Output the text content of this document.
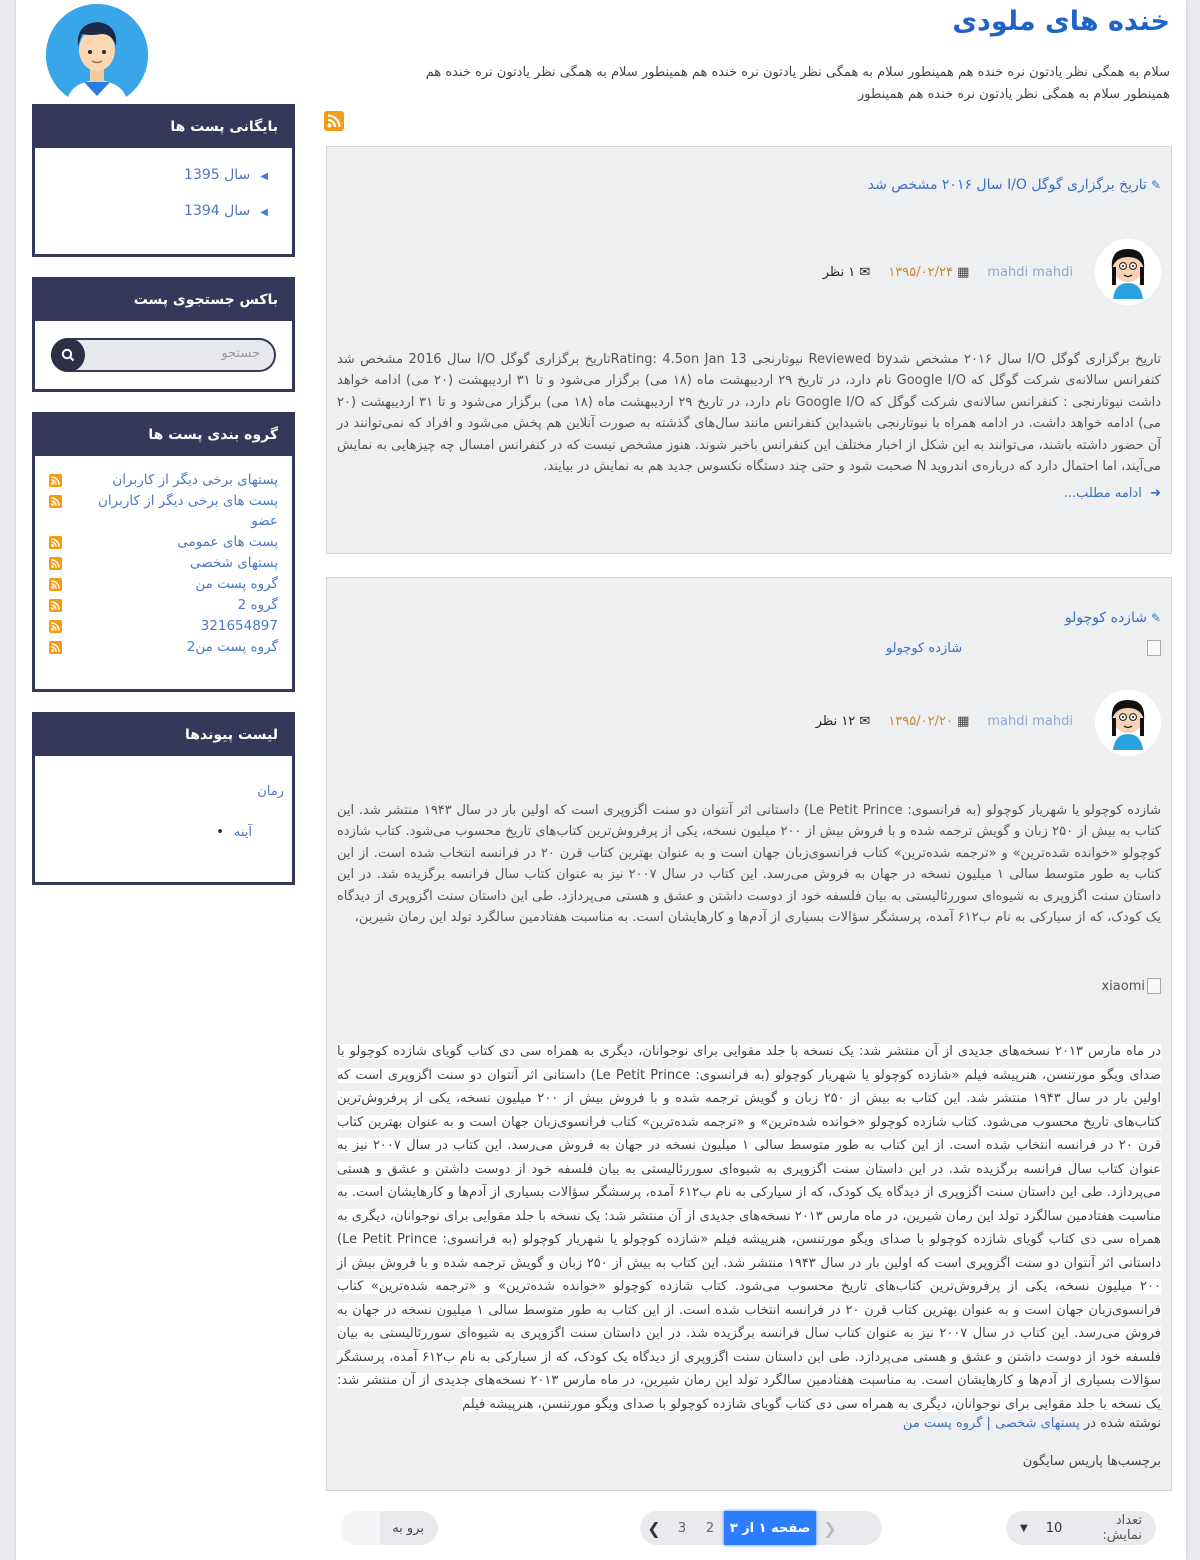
خنده های ملودی
سلام به همگی نظر یادتون نره خنده هم همینطور سلام به همگی نظر یادتون نره خنده هم همینطور سلام به همگی نظر یادتون نره خنده هم همینطور سلام به همگی نظر یادتون نره خنده هم همینطور
بایگانی پست ها
◀سال 1395
◀سال 1394
باکس جستجوی پست
جستجو
گروه بندی پست ها
پستهای برخی دیگر از کاربران
پست های برخی دیگر از کاربران عضو
پست های عمومی
پستهای شخصی
گروه پست من
گروه 2
321654897
گروه پست من2
لیست پیوندها
رمان
آینه •
✎تاریخ برگزاری گوگل I/O سال ۲۰۱۶ مشخص شد
mahdi mahdi
▦ ۱۳۹۵/۰۲/۲۴
✉ ۱ نظر
تاریخ برگزاری گوگل I/O سال ۲۰۱۶ مشخص شدReviewed by نیوتارنجی Rating: 4.5on Jan 13تاریخ برگزاری گوگل I/O سال 2016 مشخص شد کنفرانس سالانه‌ی شرکت گوگل که Google I/O نام دارد، در تاریخ ۲۹ اردیبهشت ماه (۱۸ می) برگزار می‌شود و تا ۳۱ اردیبهشت (۲۰ می) ادامه خواهد داشت نیوتارنجی : کنفرانس سالانه‌ی شرکت گوگل که Google I/O نام دارد، در تاریخ ۲۹ اردیبهشت ماه (۱۸ می) برگزار می‌شود و تا ۳۱ اردیبهشت (۲۰ می) ادامه خواهد داشت. در ادامه همراه با نیوتارنجی باشیداین کنفرانس مانند سال‌های گذشته به صورت آنلاین هم پخش می‌شود و افراد که نمی‌توانند در آن حضور داشته باشند، می‌توانند به این شکل از اخبار مختلف این کنفرانس باخبر شوند. هنوز مشخص نیست که در کنفرانس امسال چه چیزهایی به نمایش می‌آیند، اما احتمال دارد که درباره‌ی اندروید N صحبت شود و حتی چند دستگاه نکسوس جدید هم به نمایش در بیایند.
➜  ادامه مطلب...
✎شازده کوچولو
شازده کوچولو
mahdi mahdi
▦ ۱۳۹۵/۰۲/۲۰
✉ ۱۲ نظر
شازده کوچولو یا شهریار کوچولو (به فرانسوی: Le Petit Prince) داستانی اثر آنتوان دو سنت اگزوپری است که اولین بار در سال ۱۹۴۳ منتشر شد. این کتاب به بیش از ۲۵۰ زبان و گویش ترجمه شده و با فروش بیش از ۲۰۰ میلیون نسخه، یکی از پرفروش‌ترین کتاب‌های تاریخ محسوب می‌شود. کتاب شازده کوچولو «خوانده شده‌ترین» و «ترجمه شده‌ترین» کتاب فرانسوی‌زبان جهان است و به عنوان بهترین کتاب قرن ۲۰ در فرانسه انتخاب شده است. از این کتاب به طور متوسط سالی ۱ میلیون نسخه در جهان به فروش می‌رسد. این کتاب در سال ۲۰۰۷ نیز به عنوان کتاب سال فرانسه برگزیده شد. در این داستان سنت اگزوپری به شیوه‌ای سوررئالیستی به بیان فلسفه خود از دوست داشتن و عشق و هستی می‌پردازد. طی این داستان سنت اگزوپری از دیدگاه یک کودک، که از سیارکی به نام ب۶۱۲ آمده، پرسشگر سؤالات بسیاری از آدم‌ها و کارهایشان است. به مناسبت هفتادمین سالگرد تولد این رمان شیرین،
xiaomi
در ماه مارس ۲۰۱۳ نسخه‌های جدیدی از آن منتشر شد: یک نسخه با جلد مقوایی برای نوجوانان، دیگری به همراه سی دی کتاب گویای شازده کوچولو با صدای ویگو مورتنسن، هنرپیشه فیلم «شازده کوچولو یا شهریار کوچولو (به فرانسوی: Le Petit Prince) داستانی اثر آنتوان دو سنت اگزوپری است که اولین بار در سال ۱۹۴۳ منتشر شد. این کتاب به بیش از ۲۵۰ زبان و گویش ترجمه شده و با فروش بیش از ۲۰۰ میلیون نسخه، یکی از پرفروش‌ترین کتاب‌های تاریخ محسوب می‌شود. کتاب شازده کوچولو «خوانده شده‌ترین» و «ترجمه شده‌ترین» کتاب فرانسوی‌زبان جهان است و به عنوان بهترین کتاب قرن ۲۰ در فرانسه انتخاب شده است. از این کتاب به طور متوسط سالی ۱ میلیون نسخه در جهان به فروش می‌رسد. این کتاب در سال ۲۰۰۷ نیز به عنوان کتاب سال فرانسه برگزیده شد. در این داستان سنت اگزوپری به شیوه‌ای سوررئالیستی به بیان فلسفه خود از دوست داشتن و عشق و هستی می‌پردازد. طی این داستان سنت اگزوپری از دیدگاه یک کودک، که از سیارکی به نام ب۶۱۲ آمده، پرسشگر سؤالات بسیاری از آدم‌ها و کارهایشان است. به مناسبت هفتادمین سالگرد تولد این رمان شیرین، در ماه مارس ۲۰۱۳ نسخه‌های جدیدی از آن منتشر شد: یک نسخه با جلد مقوایی برای نوجوانان، دیگری به همراه سی دی کتاب گویای شازده کوچولو با صدای ویگو مورتنسن، هنرپیشه فیلم «شازده کوچولو یا شهریار کوچولو (به فرانسوی: Le Petit Prince) داستانی اثر آنتوان دو سنت اگزوپری است که اولین بار در سال ۱۹۴۳ منتشر شد. این کتاب به بیش از ۲۵۰ زبان و گویش ترجمه شده و با فروش بیش از ۲۰۰ میلیون نسخه، یکی از پرفروش‌ترین کتاب‌های تاریخ محسوب می‌شود. کتاب شازده کوچولو «خوانده شده‌ترین» و «ترجمه شده‌ترین» کتاب فرانسوی‌زبان جهان است و به عنوان بهترین کتاب قرن ۲۰ در فرانسه انتخاب شده است. از این کتاب به طور متوسط سالی ۱ میلیون نسخه در جهان به فروش می‌رسد. این کتاب در سال ۲۰۰۷ نیز به عنوان کتاب سال فرانسه برگزیده شد. در این داستان سنت اگزوپری به شیوه‌ای سوررئالیستی به بیان فلسفه خود از دوست داشتن و عشق و هستی می‌پردازد. طی این داستان سنت اگزوپری از دیدگاه یک کودک، که از سیارکی به نام ب۶۱۲ آمده، پرسشگر سؤالات بسیاری از آدم‌ها و کارهایشان است. به مناسبت هفتادمین سالگرد تولد این رمان شیرین، در ماه مارس ۲۰۱۳ نسخه‌های جدیدی از آن منتشر شد: یک نسخه با جلد مقوایی برای نوجوانان، دیگری به همراه سی دی کتاب گویای شازده کوچولو با صدای ویگو مورتنسن، هنرپیشه فیلم
نوشته شده در پستهای شخصی | گروه پست من
برچسب‌ها پاریس سایگون
تعداد نمایش:
10
▼
❮	3	2	صفحه ۱ از ۳ ❯
برو به
